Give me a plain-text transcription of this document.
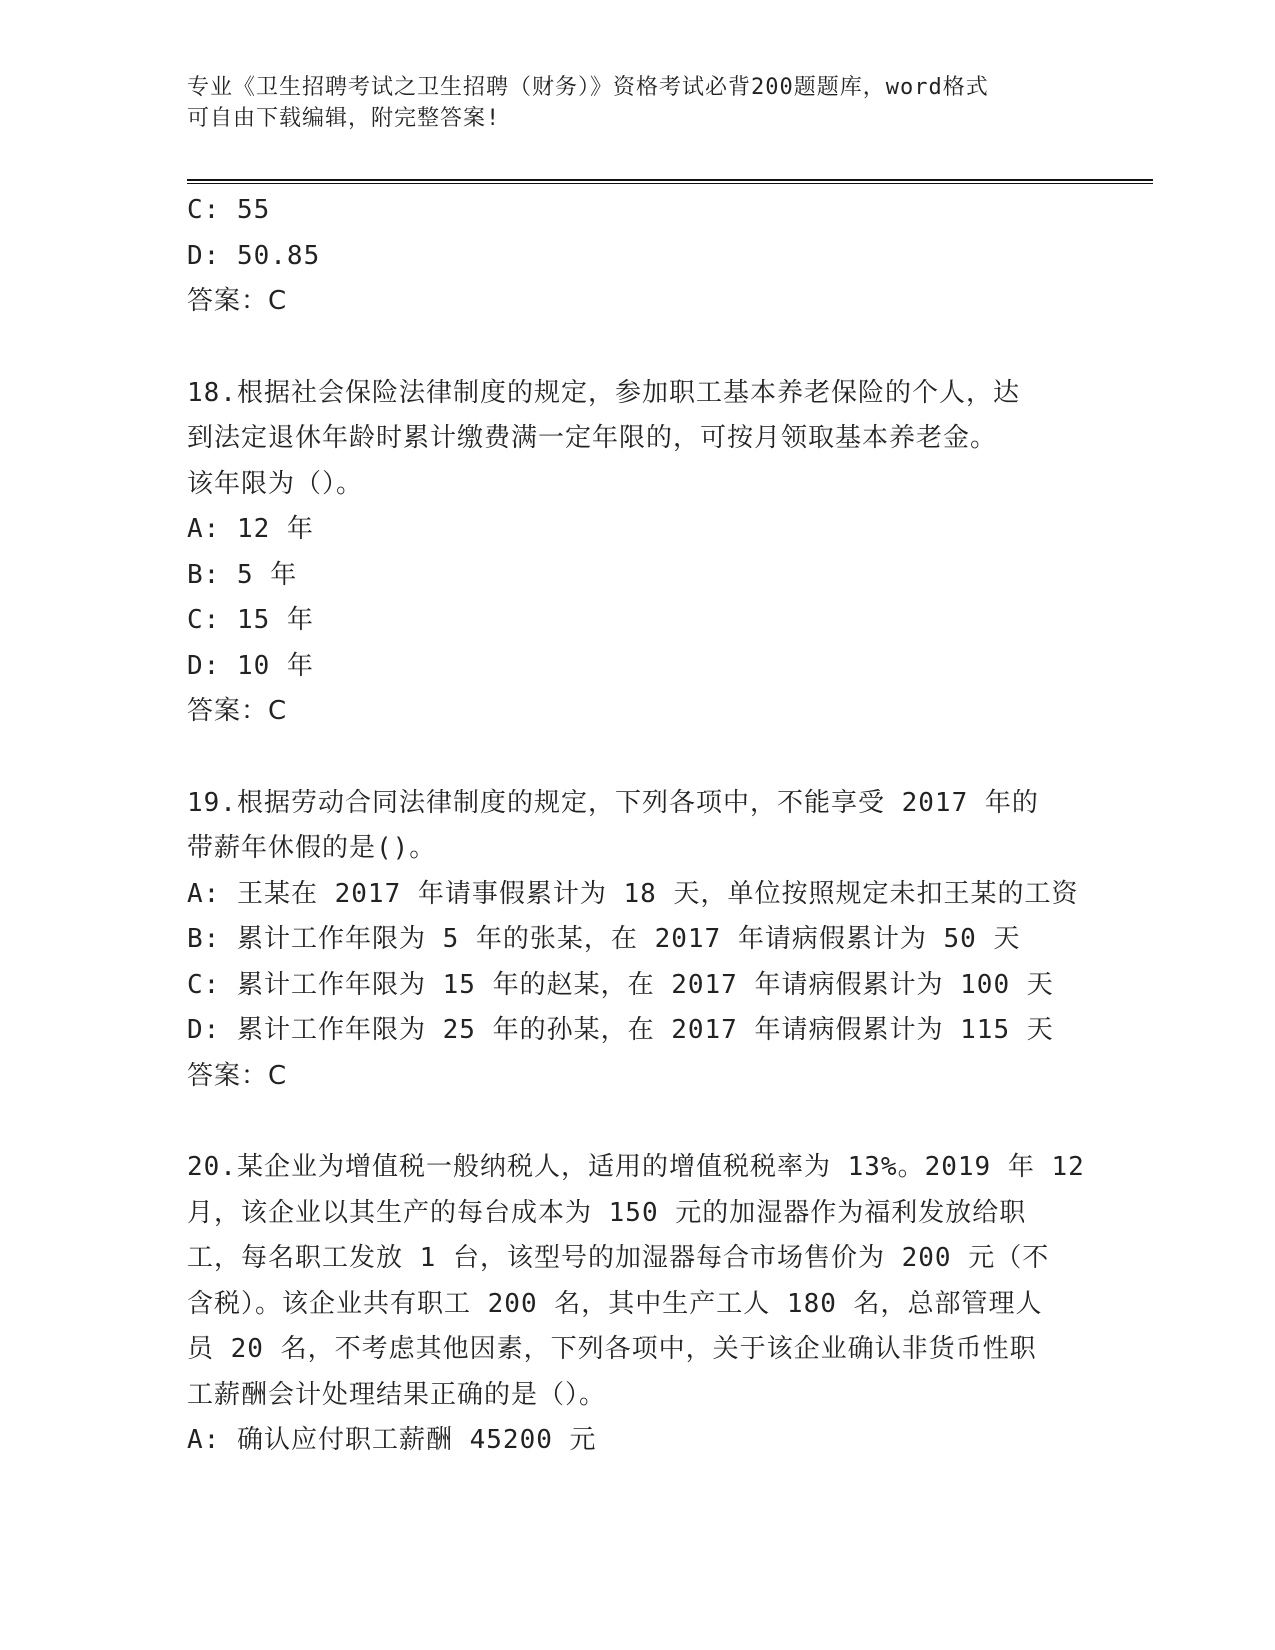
专业《卫生招聘考试之卫生招聘（财务）》资格考试必背200题题库，word格式
可自由下载编辑，附完整答案!
C: 55
D: 50.85
答案：C
18.根据社会保险法律制度的规定，参加职工基本养老保险的个人，达
到法定退休年龄时累计缴费满一定年限的，可按月领取基本养老金。
该年限为（）。
A: 12 年
B: 5 年
C: 15 年
D: 10 年
答案：C
19.根据劳动合同法律制度的规定，下列各项中，不能享受 2017 年的
带薪年休假的是()。
A: 王某在 2017 年请事假累计为 18 天，单位按照规定未扣王某的工资
B: 累计工作年限为 5 年的张某，在 2017 年请病假累计为 50 天
C: 累计工作年限为 15 年的赵某，在 2017 年请病假累计为 100 天
D: 累计工作年限为 25 年的孙某，在 2017 年请病假累计为 115 天
答案：C
20.某企业为增值税一般纳税人，适用的增值税税率为 13%。2019 年 12
月，该企业以其生产的每台成本为 150 元的加湿器作为福利发放给职
工，每名职工发放 1 台，该型号的加湿器每合市场售价为 200 元（不
含税）。该企业共有职工 200 名，其中生产工人 180 名，总部管理人
员 20 名，不考虑其他因素，下列各项中，关于该企业确认非货币性职
工薪酬会计处理结果正确的是（）。
A: 确认应付职工薪酬 45200 元
